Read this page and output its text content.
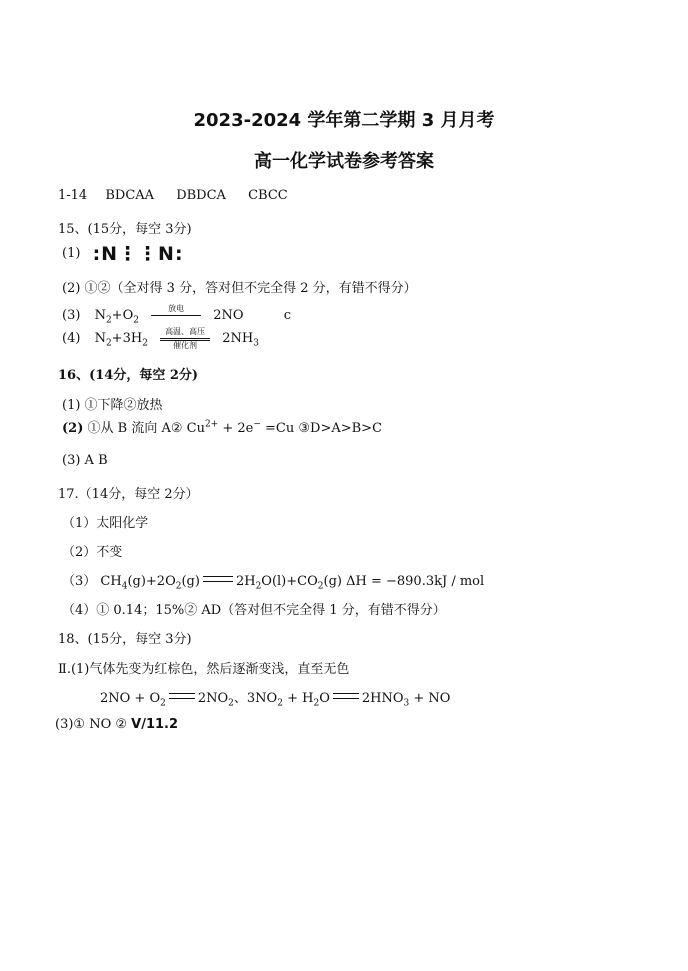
2023-2024 学年第二学期 3 月月考
高一化学试卷参考答案
1-14 BDCAA DBDCA CBCC
15、(15分，每空 3分)
(1) :N⋮⋮N:
(2) ①②（全对得 3 分，答对但不完全得 2 分，有错不得分）
(3) $N_2+O_2$
放电	2NO	c
(4) $N_2+3H_2$
高温、高压
催化剂	$2NH_3$
16、(14分，每空 2分)
(1) ①下降②放热
(2) ①从 B 流向 A② $Cu^{2+} + 2e^- =Cu$ ③D>A>B>C
(3) A B
17.（14分，每空 2分）
（1）太阳化学
（2）不变
（3） $CH_4(g)+2O_2(g)$	$2H_2O(l)+CO_2(g) \Delta H = -890.3kJ$ / mol
（4）① 0.14；15%② AD（答对但不完全得 1 分，有错不得分）
18、(15分，每空 3分)
Ⅱ.(1)气体先变为红棕色，然后逐渐变浅，直至无色
$2NO + O_2$ $2NO_2$、$3NO_2 + H_2O$ $2HNO_3$ + NO
(3)① NO ② V/11.2
